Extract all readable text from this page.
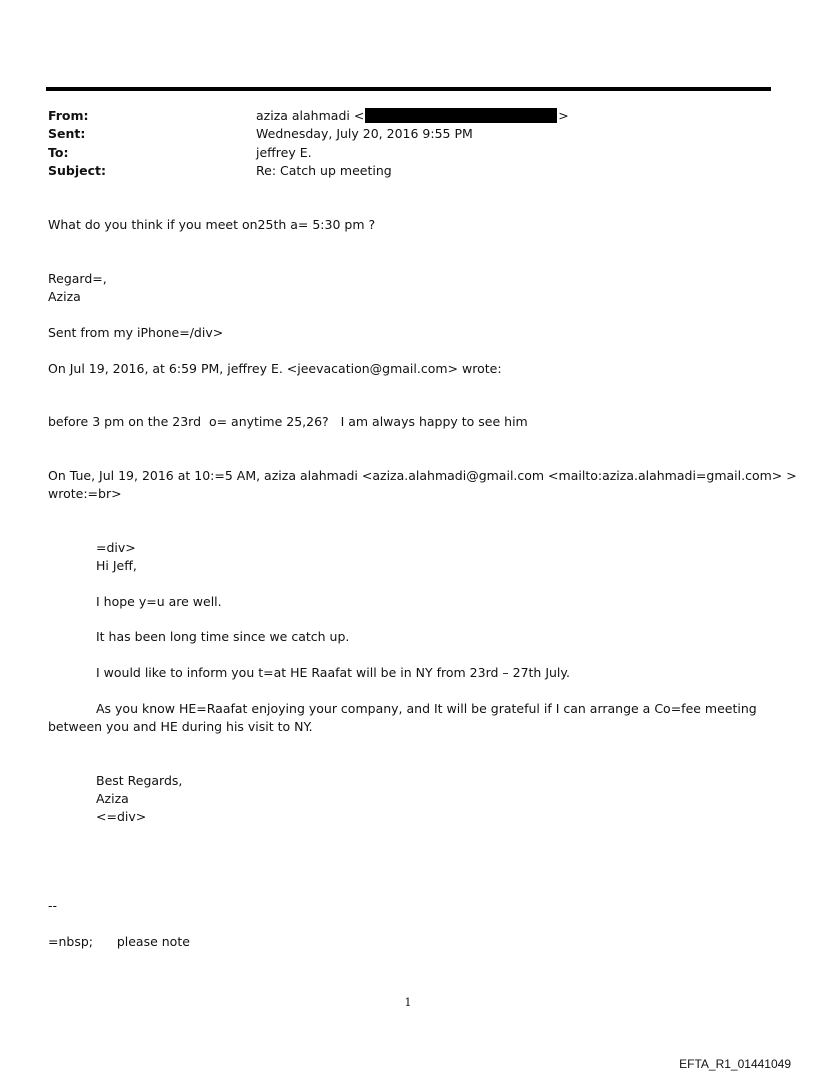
From:
Sent:
To:
Subject:
aziza alahmadi <	>
Wednesday, July 20, 2016 9:55 PM
jeffrey E.
Re: Catch up meeting
What do you think if you meet on25th a= 5:30 pm ?
Regard=,
Aziza
Sent from my iPhone=/div>
On Jul 19, 2016, at 6:59 PM, jeffrey E. <jeevacation@gmail.com> wrote:
before 3 pm on the 23rd  o= anytime 25,26?   I am always happy to see him
On Tue, Jul 19, 2016 at 10:=5 AM, aziza alahmadi <aziza.alahmadi@gmail.com <mailto:aziza.alahmadi=gmail.com> >
wrote:=br>
=div>
Hi Jeff,
I hope y=u are well.
It has been long time since we catch up.
I would like to inform you t=at HE Raafat will be in NY from 23rd – 27th July.
As you know HE=Raafat enjoying your company, and It will be grateful if I can arrange a Co=fee meeting
between you and HE during his visit to NY.
Best Regards,
Aziza
<=div>
--
=nbsp;      please note
1
EFTA_R1_01441049
